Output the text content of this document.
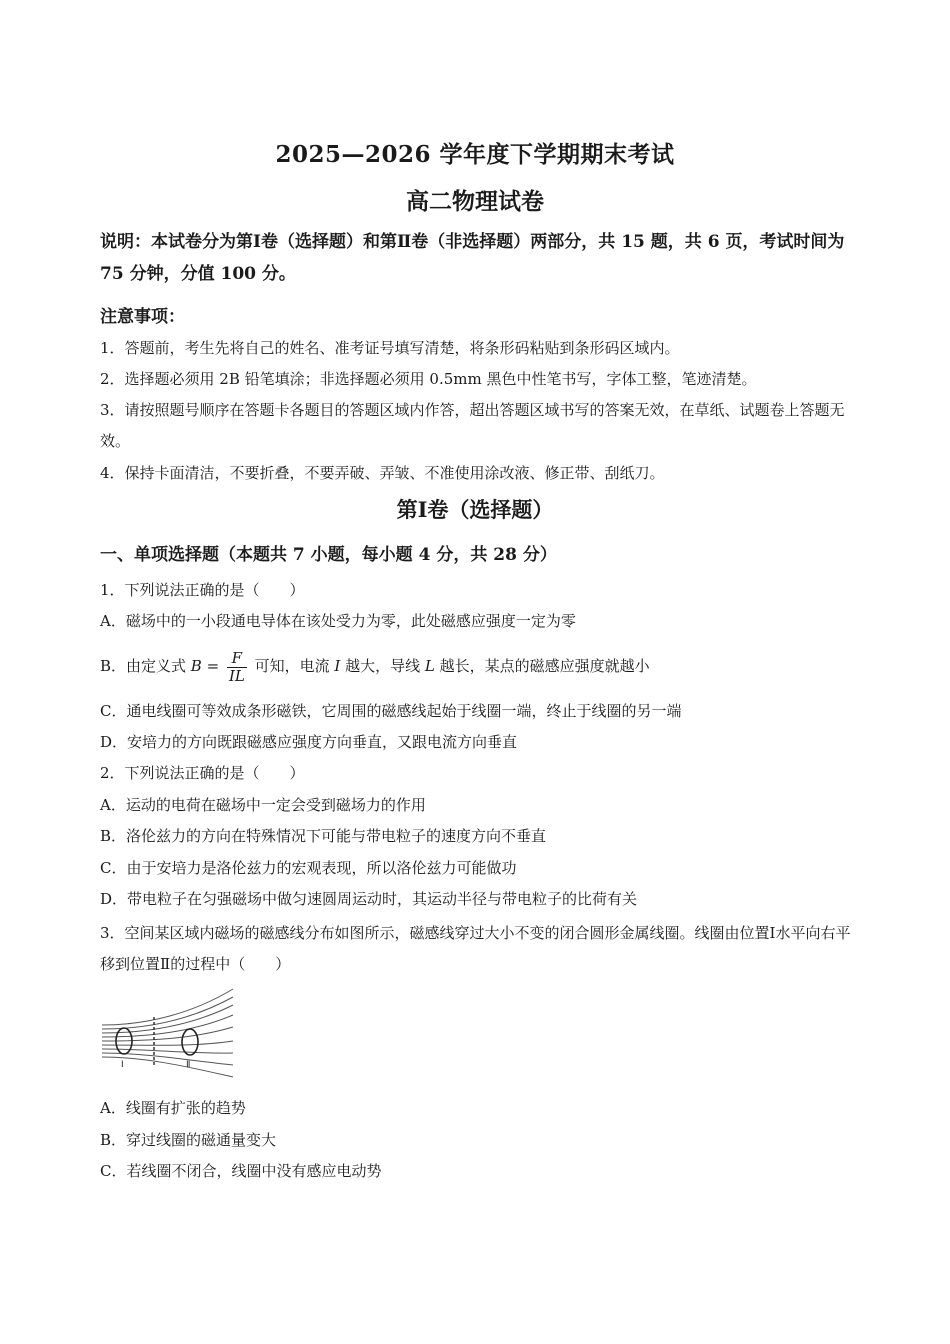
2025—2026 学年度下学期期末考试
高二物理试卷
说明：本试卷分为第Ⅰ卷（选择题）和第Ⅱ卷（非选择题）两部分，共 15 题，共 6 页，考试时间为 75 分钟，分值 100 分。
注意事项：
1．答题前，考生先将自己的姓名、准考证号填写清楚，将条形码粘贴到条形码区域内。
2．选择题必须用 2B 铅笔填涂；非选择题必须用 0.5mm 黑色中性笔书写，字体工整，笔迹清楚。
3．请按照题号顺序在答题卡各题目的答题区域内作答，超出答题区域书写的答案无效，在草纸、试题卷上答题无效。
4．保持卡面清洁，不要折叠，不要弄破、弄皱、不准使用涂改液、修正带、刮纸刀。
第Ⅰ卷（选择题）
一、单项选择题（本题共 7 小题，每小题 4 分，共 28 分）
1．下列说法正确的是（　　）
A．磁场中的一小段通电导体在该处受力为零，此处磁感应强度一定为零
B．由定义式 $B = \frac{F}{IL}$ 可知，电流 I 越大，导线 L 越长，某点的磁感应强度就越小
C．通电线圈可等效成条形磁铁，它周围的磁感线起始于线圈一端，终止于线圈的另一端
D．安培力的方向既跟磁感应强度方向垂直，又跟电流方向垂直
2．下列说法正确的是（　　）
A．运动的电荷在磁场中一定会受到磁场力的作用
B．洛伦兹力的方向在特殊情况下可能与带电粒子的速度方向不垂直
C．由于安培力是洛伦兹力的宏观表现，所以洛伦兹力可能做功
D．带电粒子在匀强磁场中做匀速圆周运动时，其运动半径与带电粒子的比荷有关
3．空间某区域内磁场的磁感线分布如图所示，磁感线穿过大小不变的闭合圆形金属线圈。线圈由位置Ⅰ水平向右平移到位置Ⅱ的过程中（　　）
Ⅰ	Ⅱ
A．线圈有扩张的趋势
B．穿过线圈的磁通量变大
C．若线圈不闭合，线圈中没有感应电动势
